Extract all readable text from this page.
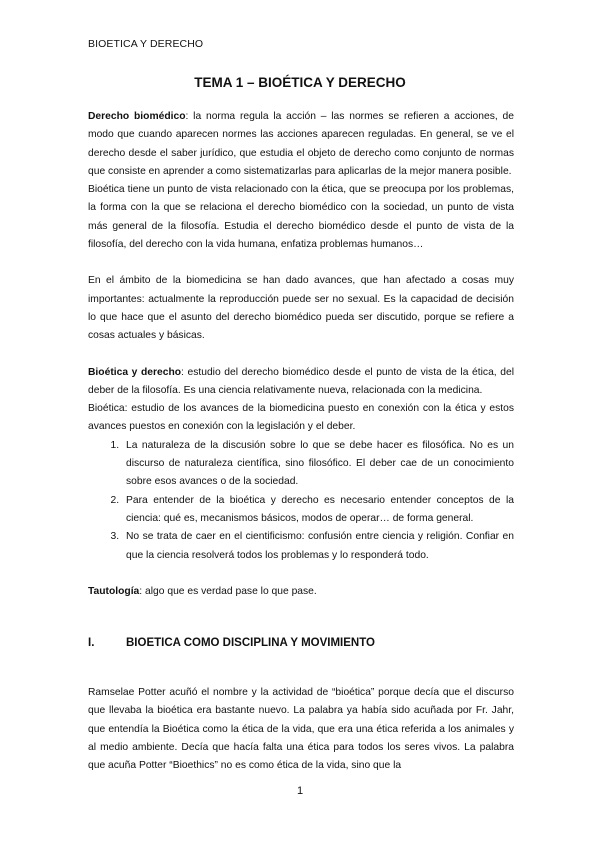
BIOETICA Y DERECHO
TEMA 1 – BIOÉTICA Y DERECHO

Derecho biomédico: la norma regula la acción – las normes se refieren a acciones, de modo que cuando aparecen normes las acciones aparecen reguladas. En general, se ve el derecho desde el saber jurídico, que estudia el objeto de derecho como conjunto de normas que consiste en aprender a como sistematizarlas para aplicarlas de la mejor manera posible.

Bioética tiene un punto de vista relacionado con la ética, que se preocupa por los problemas, la forma con la que se relaciona el derecho biomédico con la sociedad, un punto de vista más general de la filosofía. Estudia el derecho biomédico desde el punto de vista de la filosofía, del derecho con la vida humana, enfatiza problemas humanos…

En el ámbito de la biomedicina se han dado avances, que han afectado a cosas muy importantes: actualmente la reproducción puede ser no sexual. Es la capacidad de decisión lo que hace que el asunto del derecho biomédico pueda ser discutido, porque se refiere a cosas actuales y básicas.

Bioética y derecho: estudio del derecho biomédico desde el punto de vista de la ética, del deber de la filosofía. Es una ciencia relativamente nueva, relacionada con la medicina.

Bioética: estudio de los avances de la biomedicina puesto en conexión con la ética y estos avances puestos en conexión con la legislación y el deber.

1. La naturaleza de la discusión sobre lo que se debe hacer es filosófica. No es un discurso de naturaleza científica, sino filosófico. El deber cae de un conocimiento sobre esos avances o de la sociedad.
2. Para entender de la bioética y derecho es necesario entender conceptos de la ciencia: qué es, mecanismos básicos, modos de operar… de forma general.
3. No se trata de caer en el cientificismo: confusión entre ciencia y religión. Confiar en que la ciencia resolverá todos los problemas y lo responderá todo.

Tautología: algo que es verdad pase lo que pase.

I.	BIOETICA COMO DISCIPLINA Y MOVIMIENTO

Ramselae Potter acuñó el nombre y la actividad de “bioética” porque decía que el discurso que llevaba la bioética era bastante nuevo. La palabra ya había sido acuñada por Fr. Jahr, que entendía la Bioética como la ética de la vida, que era una ética referida a los animales y al medio ambiente. Decía que hacía falta una ética para todos los seres vivos. La palabra que acuña Potter “Bioethics” no es como ética de la vida, sino que la

1
